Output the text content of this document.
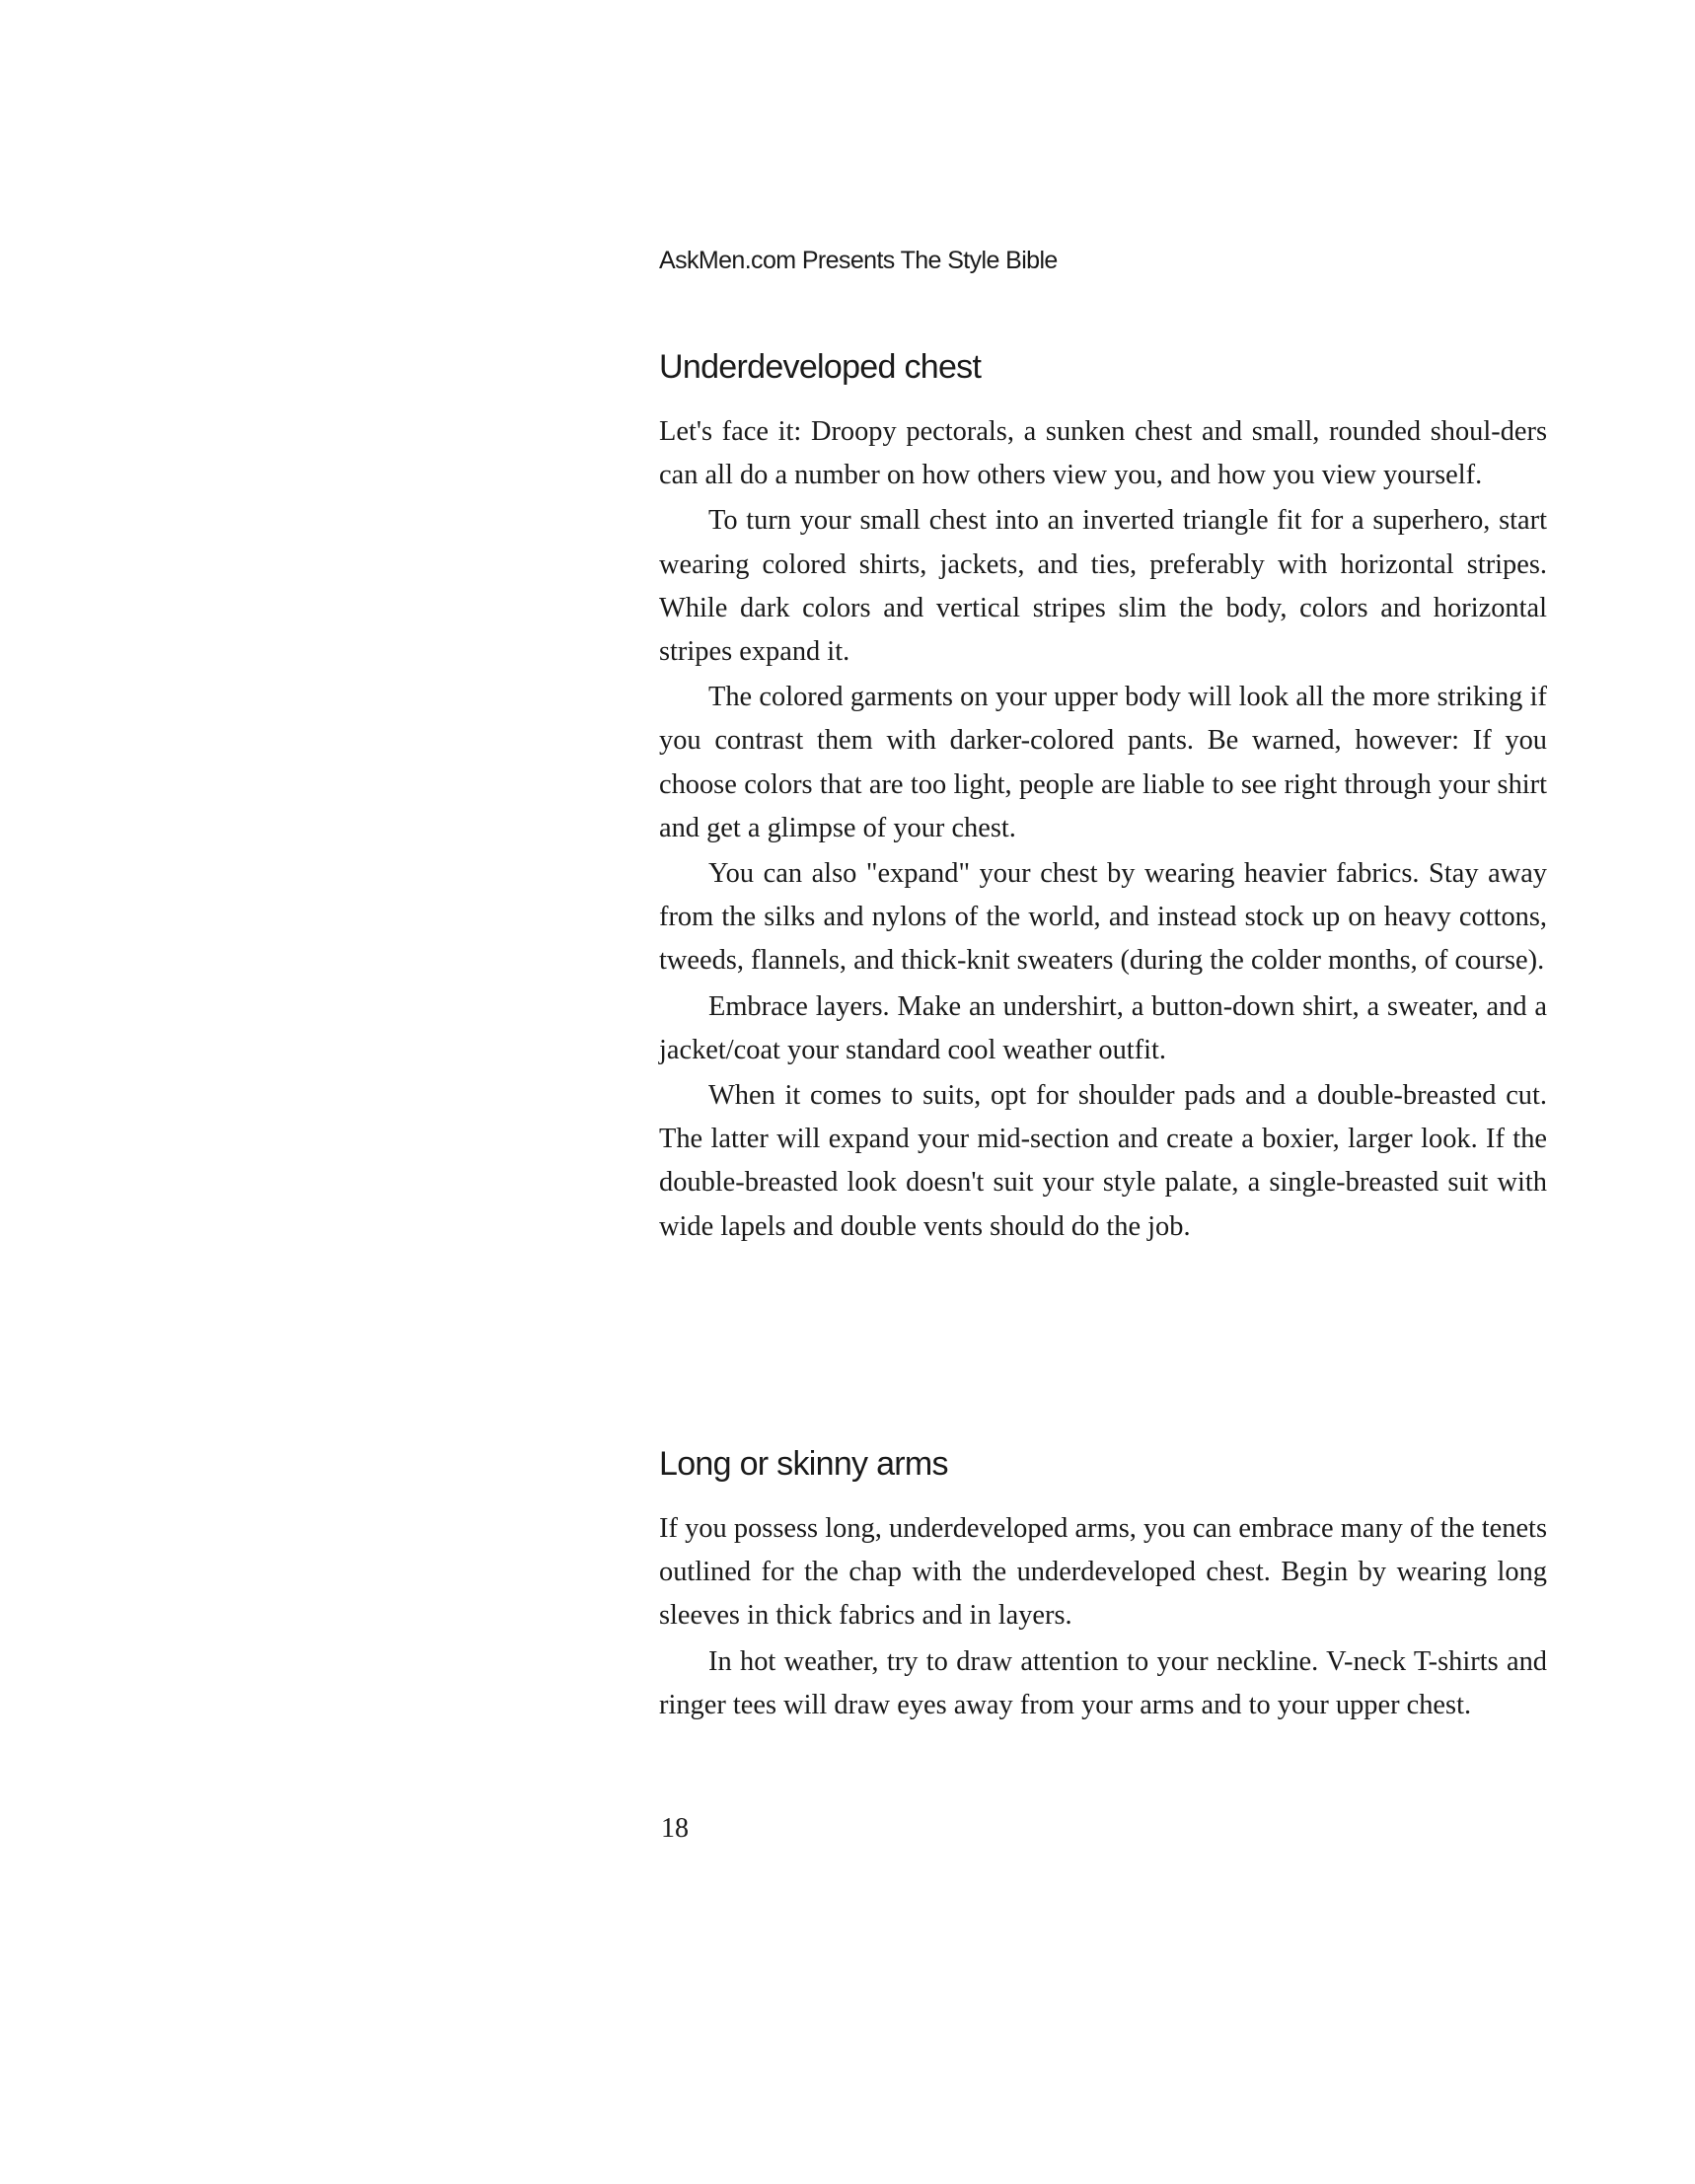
AskMen.com Presents The Style Bible
Underdeveloped chest

Let's face it: Droopy pectorals, a sunken chest and small, rounded shoul-ders can all do a number on how others view you, and how you view yourself.

To turn your small chest into an inverted triangle fit for a superhero, start wearing colored shirts, jackets, and ties, preferably with horizontal stripes. While dark colors and vertical stripes slim the body, colors and horizontal stripes expand it.

The colored garments on your upper body will look all the more striking if you contrast them with darker-colored pants. Be warned, however: If you choose colors that are too light, people are liable to see right through your shirt and get a glimpse of your chest.

You can also "expand" your chest by wearing heavier fabrics. Stay away from the silks and nylons of the world, and instead stock up on heavy cottons, tweeds, flannels, and thick-knit sweaters (during the colder months, of course).

Embrace layers. Make an undershirt, a button-down shirt, a sweater, and a jacket/coat your standard cool weather outfit.

When it comes to suits, opt for shoulder pads and a double-breasted cut. The latter will expand your mid-section and create a boxier, larger look. If the double-breasted look doesn't suit your style palate, a single-breasted suit with wide lapels and double vents should do the job.

Long or skinny arms

If you possess long, underdeveloped arms, you can embrace many of the tenets outlined for the chap with the underdeveloped chest. Begin by wearing long sleeves in thick fabrics and in layers.

In hot weather, try to draw attention to your neckline. V-neck T-shirts and ringer tees will draw eyes away from your arms and to your upper chest.

18
